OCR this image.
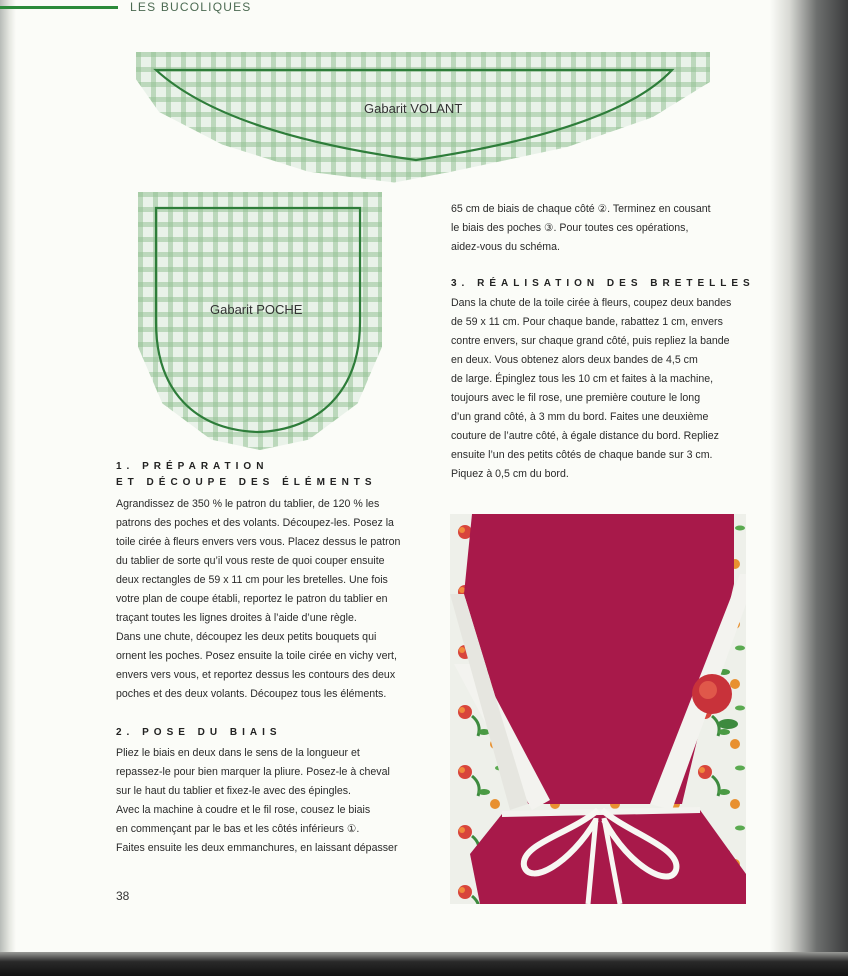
LES BUCOLIQUES
Gabarit VOLANT
Gabarit POCHE
1. PRÉPARATION
ET DÉCOUPE DES ÉLÉMENTS
Agrandissez de 350 % le patron du tablier, de 120 % les
patrons des poches et des volants. Découpez-les. Posez la
toile cirée à fleurs envers vers vous. Placez dessus le patron
du tablier de sorte qu’il vous reste de quoi couper ensuite
deux rectangles de 59 x 11 cm pour les bretelles. Une fois
votre plan de coupe établi, reportez le patron du tablier en
traçant toutes les lignes droites à l’aide d’une règle.
Dans une chute, découpez les deux petits bouquets qui
ornent les poches. Posez ensuite la toile cirée en vichy vert,
envers vers vous, et reportez dessus les contours des deux
poches et des deux volants. Découpez tous les éléments.
2. POSE DU BIAIS
Pliez le biais en deux dans le sens de la longueur et
repassez-le pour bien marquer la pliure. Posez-le à cheval
sur le haut du tablier et fixez-le avec des épingles.
Avec la machine à coudre et le fil rose, cousez le biais
en commençant par le bas et les côtés inférieurs ①.
Faites ensuite les deux emmanchures, en laissant dépasser
65 cm de biais de chaque côté ②. Terminez en cousant
le biais des poches ③. Pour toutes ces opérations,
aidez-vous du schéma.
3. RÉALISATION DES BRETELLES
Dans la chute de la toile cirée à fleurs, coupez deux bandes
de 59 x 11 cm. Pour chaque bande, rabattez 1 cm, envers
contre envers, sur chaque grand côté, puis repliez la bande
en deux. Vous obtenez alors deux bandes de 4,5 cm
de large. Épinglez tous les 10 cm et faites à la machine,
toujours avec le fil rose, une première couture le long
d’un grand côté, à 3 mm du bord. Faites une deuxième
couture de l’autre côté, à égale distance du bord. Repliez
ensuite l’un des petits côtés de chaque bande sur 3 cm.
Piquez à 0,5 cm du bord.
38
